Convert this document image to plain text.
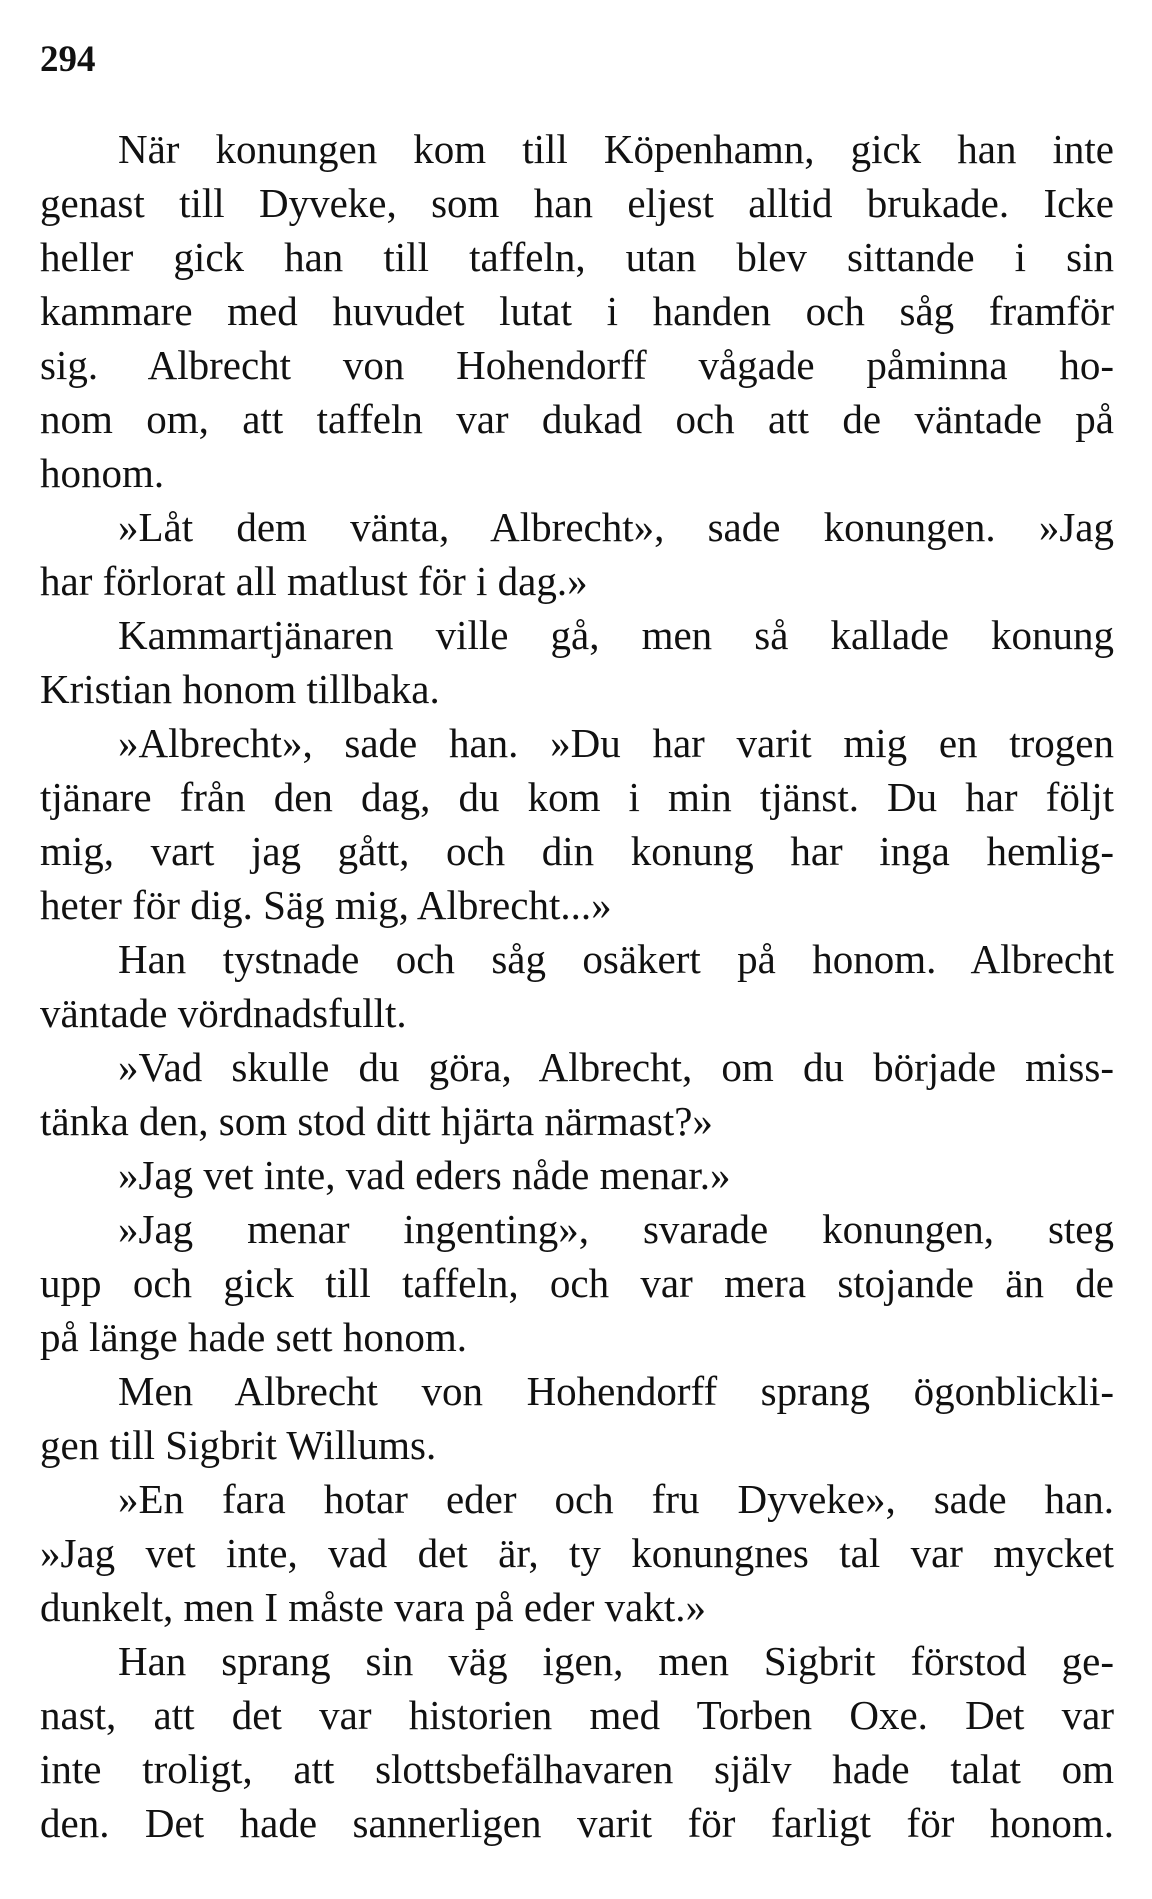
294
När konungen kom till Köpenhamn, gick han inte
genast till Dyveke, som han eljest alltid brukade. Icke
heller gick han till taffeln, utan blev sittande i sin
kammare med huvudet lutat i handen och såg framför
sig. Albrecht von Hohendorff vågade påminna ho-
nom om, att taffeln var dukad och att de väntade på
honom.
»Låt dem vänta, Albrecht», sade konungen. »Jag
har förlorat all matlust för i dag.»
Kammartjänaren ville gå, men så kallade konung
Kristian honom tillbaka.
»Albrecht», sade han. »Du har varit mig en trogen
tjänare från den dag, du kom i min tjänst. Du har följt
mig, vart jag gått, och din konung har inga hemlig-
heter för dig. Säg mig, Albrecht...»
Han tystnade och såg osäkert på honom. Albrecht
väntade vördnadsfullt.
»Vad skulle du göra, Albrecht, om du började miss-
tänka den, som stod ditt hjärta närmast?»
»Jag vet inte, vad eders nåde menar.»
»Jag menar ingenting», svarade konungen, steg
upp och gick till taffeln, och var mera stojande än de
på länge hade sett honom.
Men Albrecht von Hohendorff sprang ögonblickli-
gen till Sigbrit Willums.
»En fara hotar eder och fru Dyveke», sade han.
»Jag vet inte, vad det är, ty konungnes tal var mycket
dunkelt, men I måste vara på eder vakt.»
Han sprang sin väg igen, men Sigbrit förstod ge-
nast, att det var historien med Torben Oxe. Det var
inte troligt, att slottsbefälhavaren själv hade talat om
den. Det hade sannerligen varit för farligt för honom.
